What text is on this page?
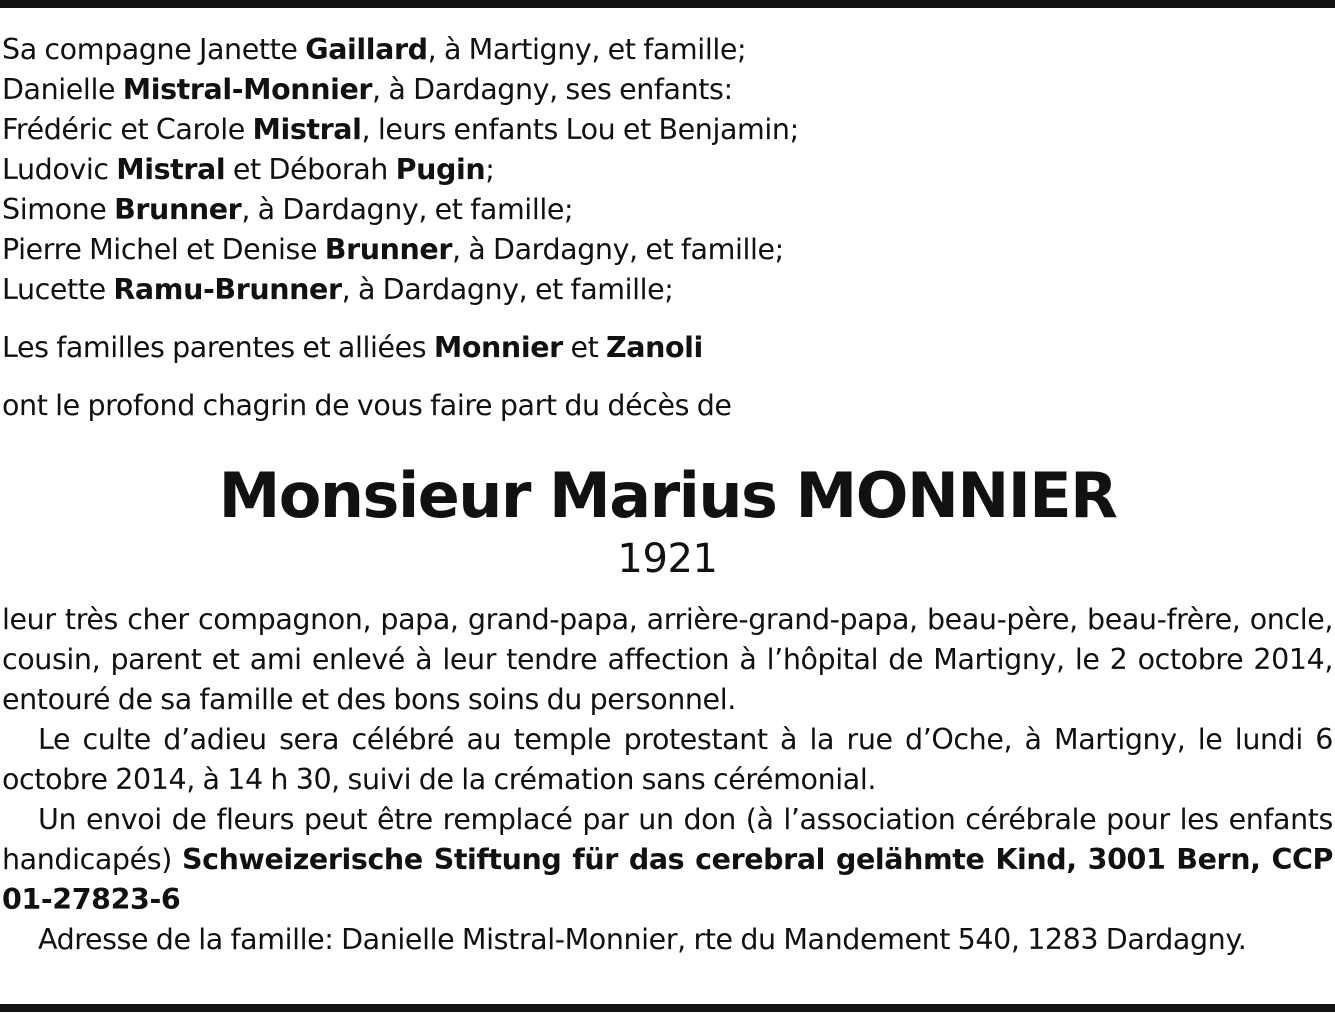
Sa compagne Janette Gaillard, à Martigny, et famille;
Danielle Mistral-Monnier, à Dardagny, ses enfants:
Frédéric et Carole Mistral, leurs enfants Lou et Benjamin;
Ludovic Mistral et Déborah Pugin;
Simone Brunner, à Dardagny, et famille;
Pierre Michel et Denise Brunner, à Dardagny, et famille;
Lucette Ramu-Brunner, à Dardagny, et famille;
Les familles parentes et alliées Monnier et Zanoli
ont le profond chagrin de vous faire part du décès de
Monsieur Marius MONNIER
1921
leur très cher compagnon, papa, grand-papa, arrière-grand-papa, beau-père, beau-frère, oncle, cousin, parent et ami enlevé à leur tendre affection à l’hôpital de Martigny, le 2 octobre 2014, entouré de sa famille et des bons soins du personnel.
Le culte d’adieu sera célébré au temple protestant à la rue d’Oche, à Martigny, le lundi 6 octobre 2014, à 14 h 30, suivi de la crémation sans cérémonial.
Un envoi de fleurs peut être remplacé par un don (à l’association cérébrale pour les enfants handicapés) Schweizerische Stiftung für das cerebral gelähmte Kind, 3001 Bern, CCP 01-27823-6
Adresse de la famille: Danielle Mistral-Monnier, rte du Mandement 540, 1283 Dardagny.
